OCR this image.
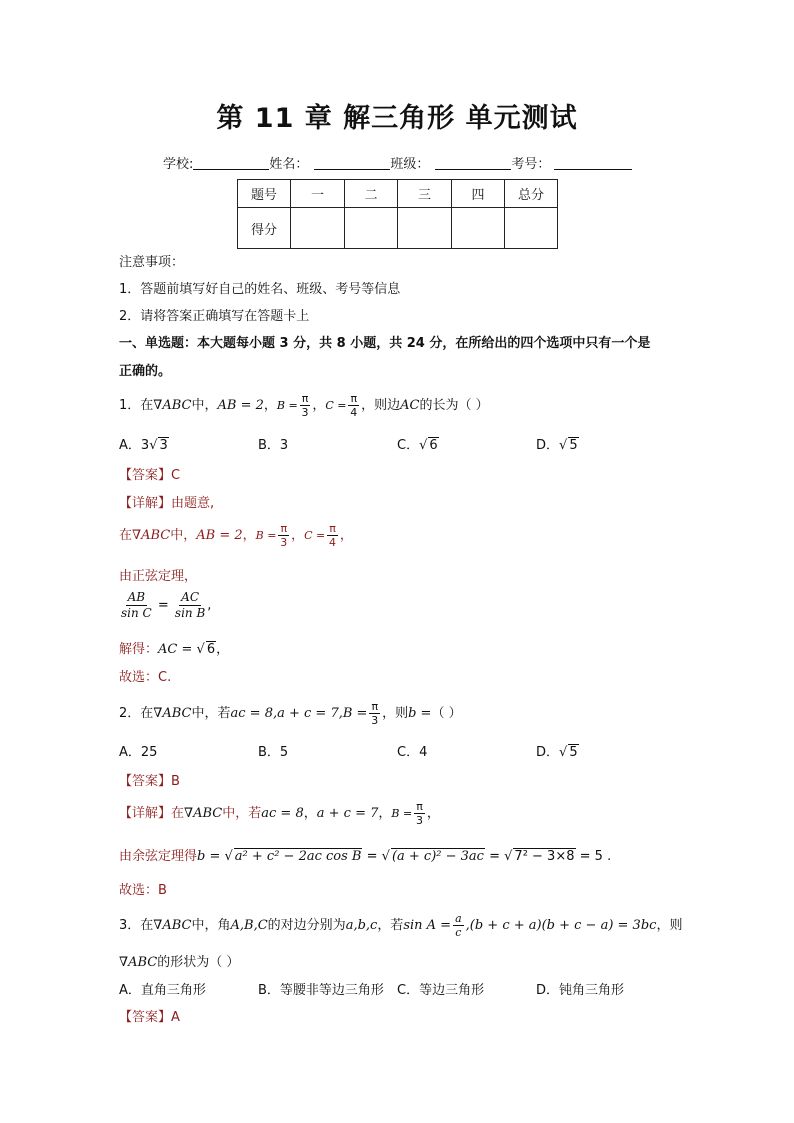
第 11 章 解三角形 单元测试
学校:	姓名：	班级：	考号：
题号	一	二	三	四	总分
得分					
注意事项：
1．答题前填写好自己的姓名、班级、考号等信息
2．请将答案正确填写在答题卡上
一、单选题：本大题每小题 3 分，共 8 小题，共 24 分，在所给出的四个选项中只有一个是
正确的。
1．在∇ABC中，AB = 2，$B = \frac{\pi}{3}$ ，$C = \frac{\pi}{4}$ ，则边AC的长为（ ）
A．3√ 3	B．3	C．√ 6	D．√ 5
【答案】C
【详解】由题意,
在∇ABC中，AB = 2，$B = \frac{\pi}{3}$ ，$C = \frac{\pi}{4}$ ，
由正弦定理，
$\frac{AB}{\text{sin C}} = \frac{AC}{\text{sin B}}$ ,
解得：AC = √ 6，
故选：C.
2．在∇ABC中，若ac = $8,a + c = 7,B = \frac{\pi}{3}$ ，则b =（ ）
A．25	B．5	C．4	D．√ 5
【答案】B
【详解】在∇ABC中，若ac = 8，a + c = 7，$B = \frac{\pi}{3}$ ，
由余弦定理得b = √ a² + c² − 2ac cos B = √ (a + c)² − 3ac = √ 7² − 3×8 = 5 .
故选：B
3．在∇ABC中，角A,B,C的对边分别为a,b,c，若$\sin A = \frac{a}{c} ,(b + c + a)(b + c - a) = 3bc$，则
∇ABC的形状为（ ）
A．直角三角形	B．等腰非等边三角形 C．等边三角形	D．钝角三角形
【答案】A
